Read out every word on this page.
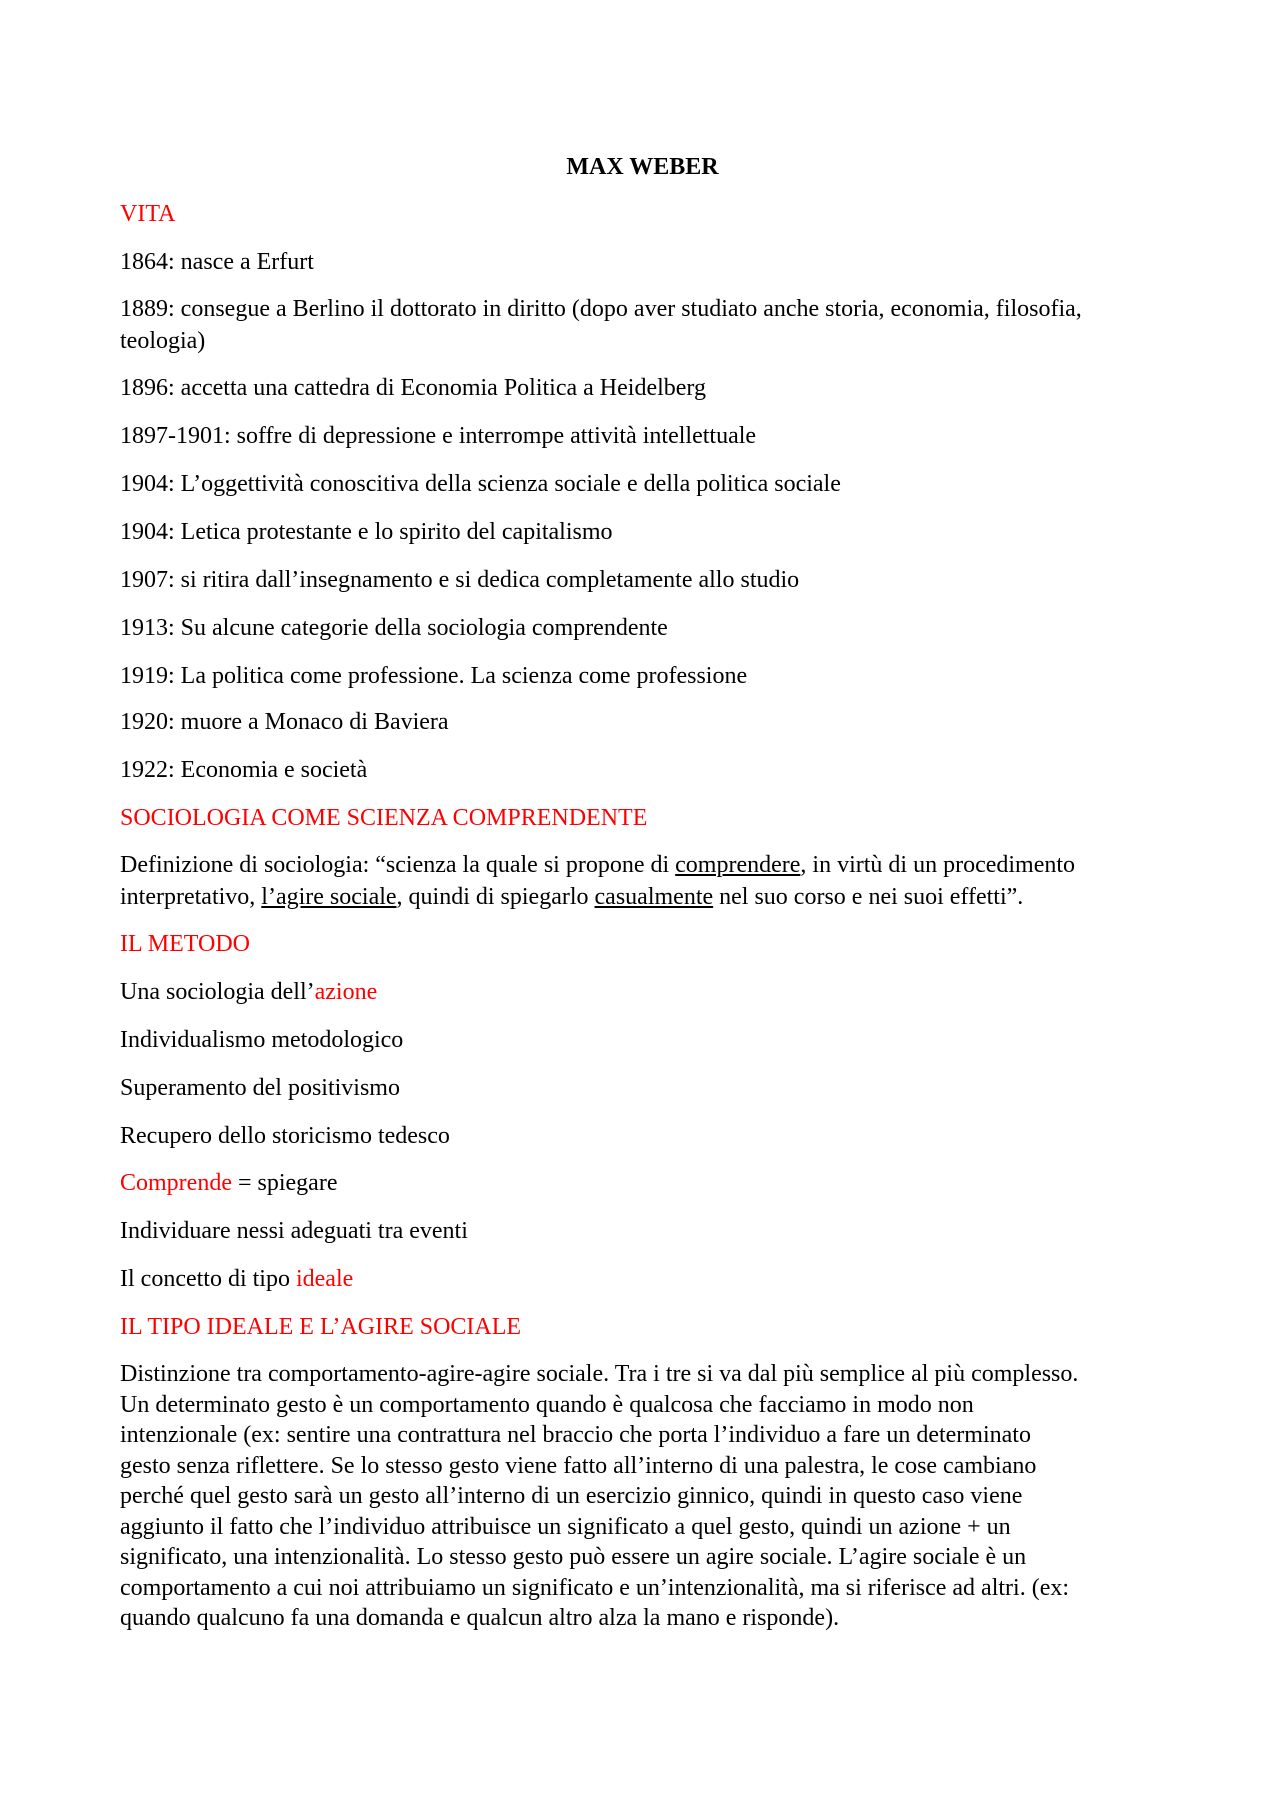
MAX WEBER
VITA
1864: nasce a Erfurt
1889: consegue a Berlino il dottorato in diritto (dopo aver studiato anche storia, economia, filosofia,
teologia)
1896: accetta una cattedra di Economia Politica a Heidelberg
1897-1901: soffre di depressione e interrompe attività intellettuale
1904: L’oggettività conoscitiva della scienza sociale e della politica sociale
1904: Letica protestante e lo spirito del capitalismo
1907: si ritira dall’insegnamento e si dedica completamente allo studio
1913: Su alcune categorie della sociologia comprendente
1919: La politica come professione. La scienza come professione
1920: muore a Monaco di Baviera
1922: Economia e società
SOCIOLOGIA COME SCIENZA COMPRENDENTE
Definizione di sociologia: “scienza la quale si propone di comprendere, in virtù di un procedimento
interpretativo, l’agire sociale, quindi di spiegarlo casualmente nel suo corso e nei suoi effetti”.
IL METODO
Una sociologia dell’azione
Individualismo metodologico
Superamento del positivismo
Recupero dello storicismo tedesco
Comprende = spiegare
Individuare nessi adeguati tra eventi
Il concetto di tipo ideale
IL TIPO IDEALE E L’AGIRE SOCIALE
Distinzione tra comportamento-agire-agire sociale. Tra i tre si va dal più semplice al più complesso.
Un determinato gesto è un comportamento quando è qualcosa che facciamo in modo non
intenzionale (ex: sentire una contrattura nel braccio che porta l’individuo a fare un determinato
gesto senza riflettere. Se lo stesso gesto viene fatto all’interno di una palestra, le cose cambiano
perché quel gesto sarà un gesto all’interno di un esercizio ginnico, quindi in questo caso viene
aggiunto il fatto che l’individuo attribuisce un significato a quel gesto, quindi un azione + un
significato, una intenzionalità. Lo stesso gesto può essere un agire sociale. L’agire sociale è un
comportamento a cui noi attribuiamo un significato e un’intenzionalità, ma si riferisce ad altri. (ex:
quando qualcuno fa una domanda e qualcun altro alza la mano e risponde).
